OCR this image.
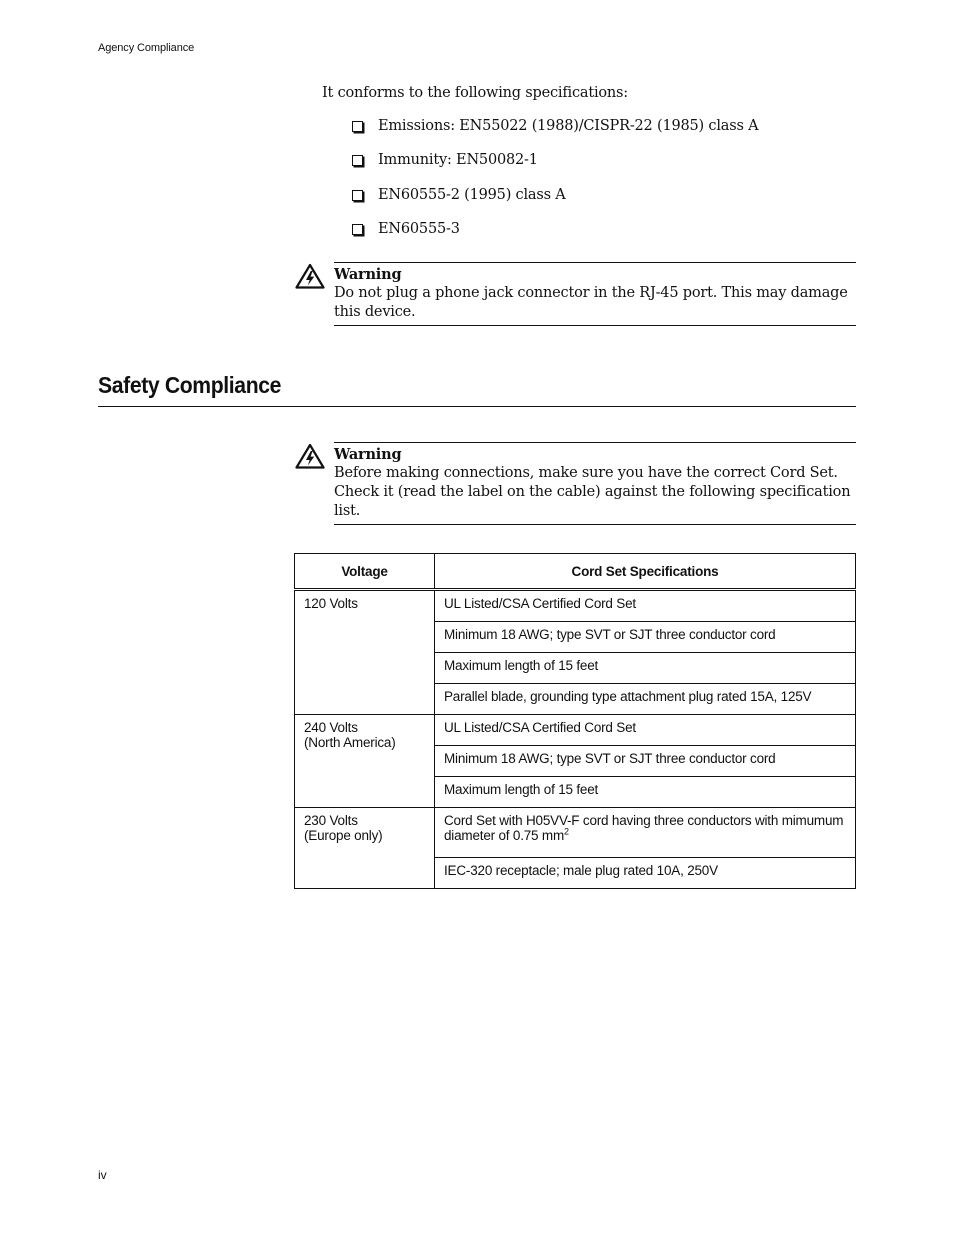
Agency Compliance
It conforms to the following specifications:
Emissions: EN55022 (1988)/CISPR-22 (1985) class A
Immunity: EN50082-1
EN60555-2 (1995) class A
EN60555-3
Warning
Do not plug a phone jack connector in the RJ-45 port. This may damage this device.
Safety Compliance
Warning
Before making connections, make sure you have the correct Cord Set. Check it (read the label on the cable) against the following specification list.
Voltage	Cord Set Specifications

120 Volts	UL Listed/CSA Certified Cord Set
	Minimum 18 AWG; type SVT or SJT three conductor cord
	Maximum length of 15 feet
	Parallel blade, grounding type attachment plug rated 15A, 125V

240 Volts
(North America)	UL Listed/CSA Certified Cord Set
	Minimum 18 AWG; type SVT or SJT three conductor cord
	Maximum length of 15 feet

230 Volts
(Europe only)	Cord Set with H05VV-F cord having three conductors with mimumum diameter of 0.75 $mm^2$
	IEC-320 receptacle; male plug rated 10A, 250V
iv
